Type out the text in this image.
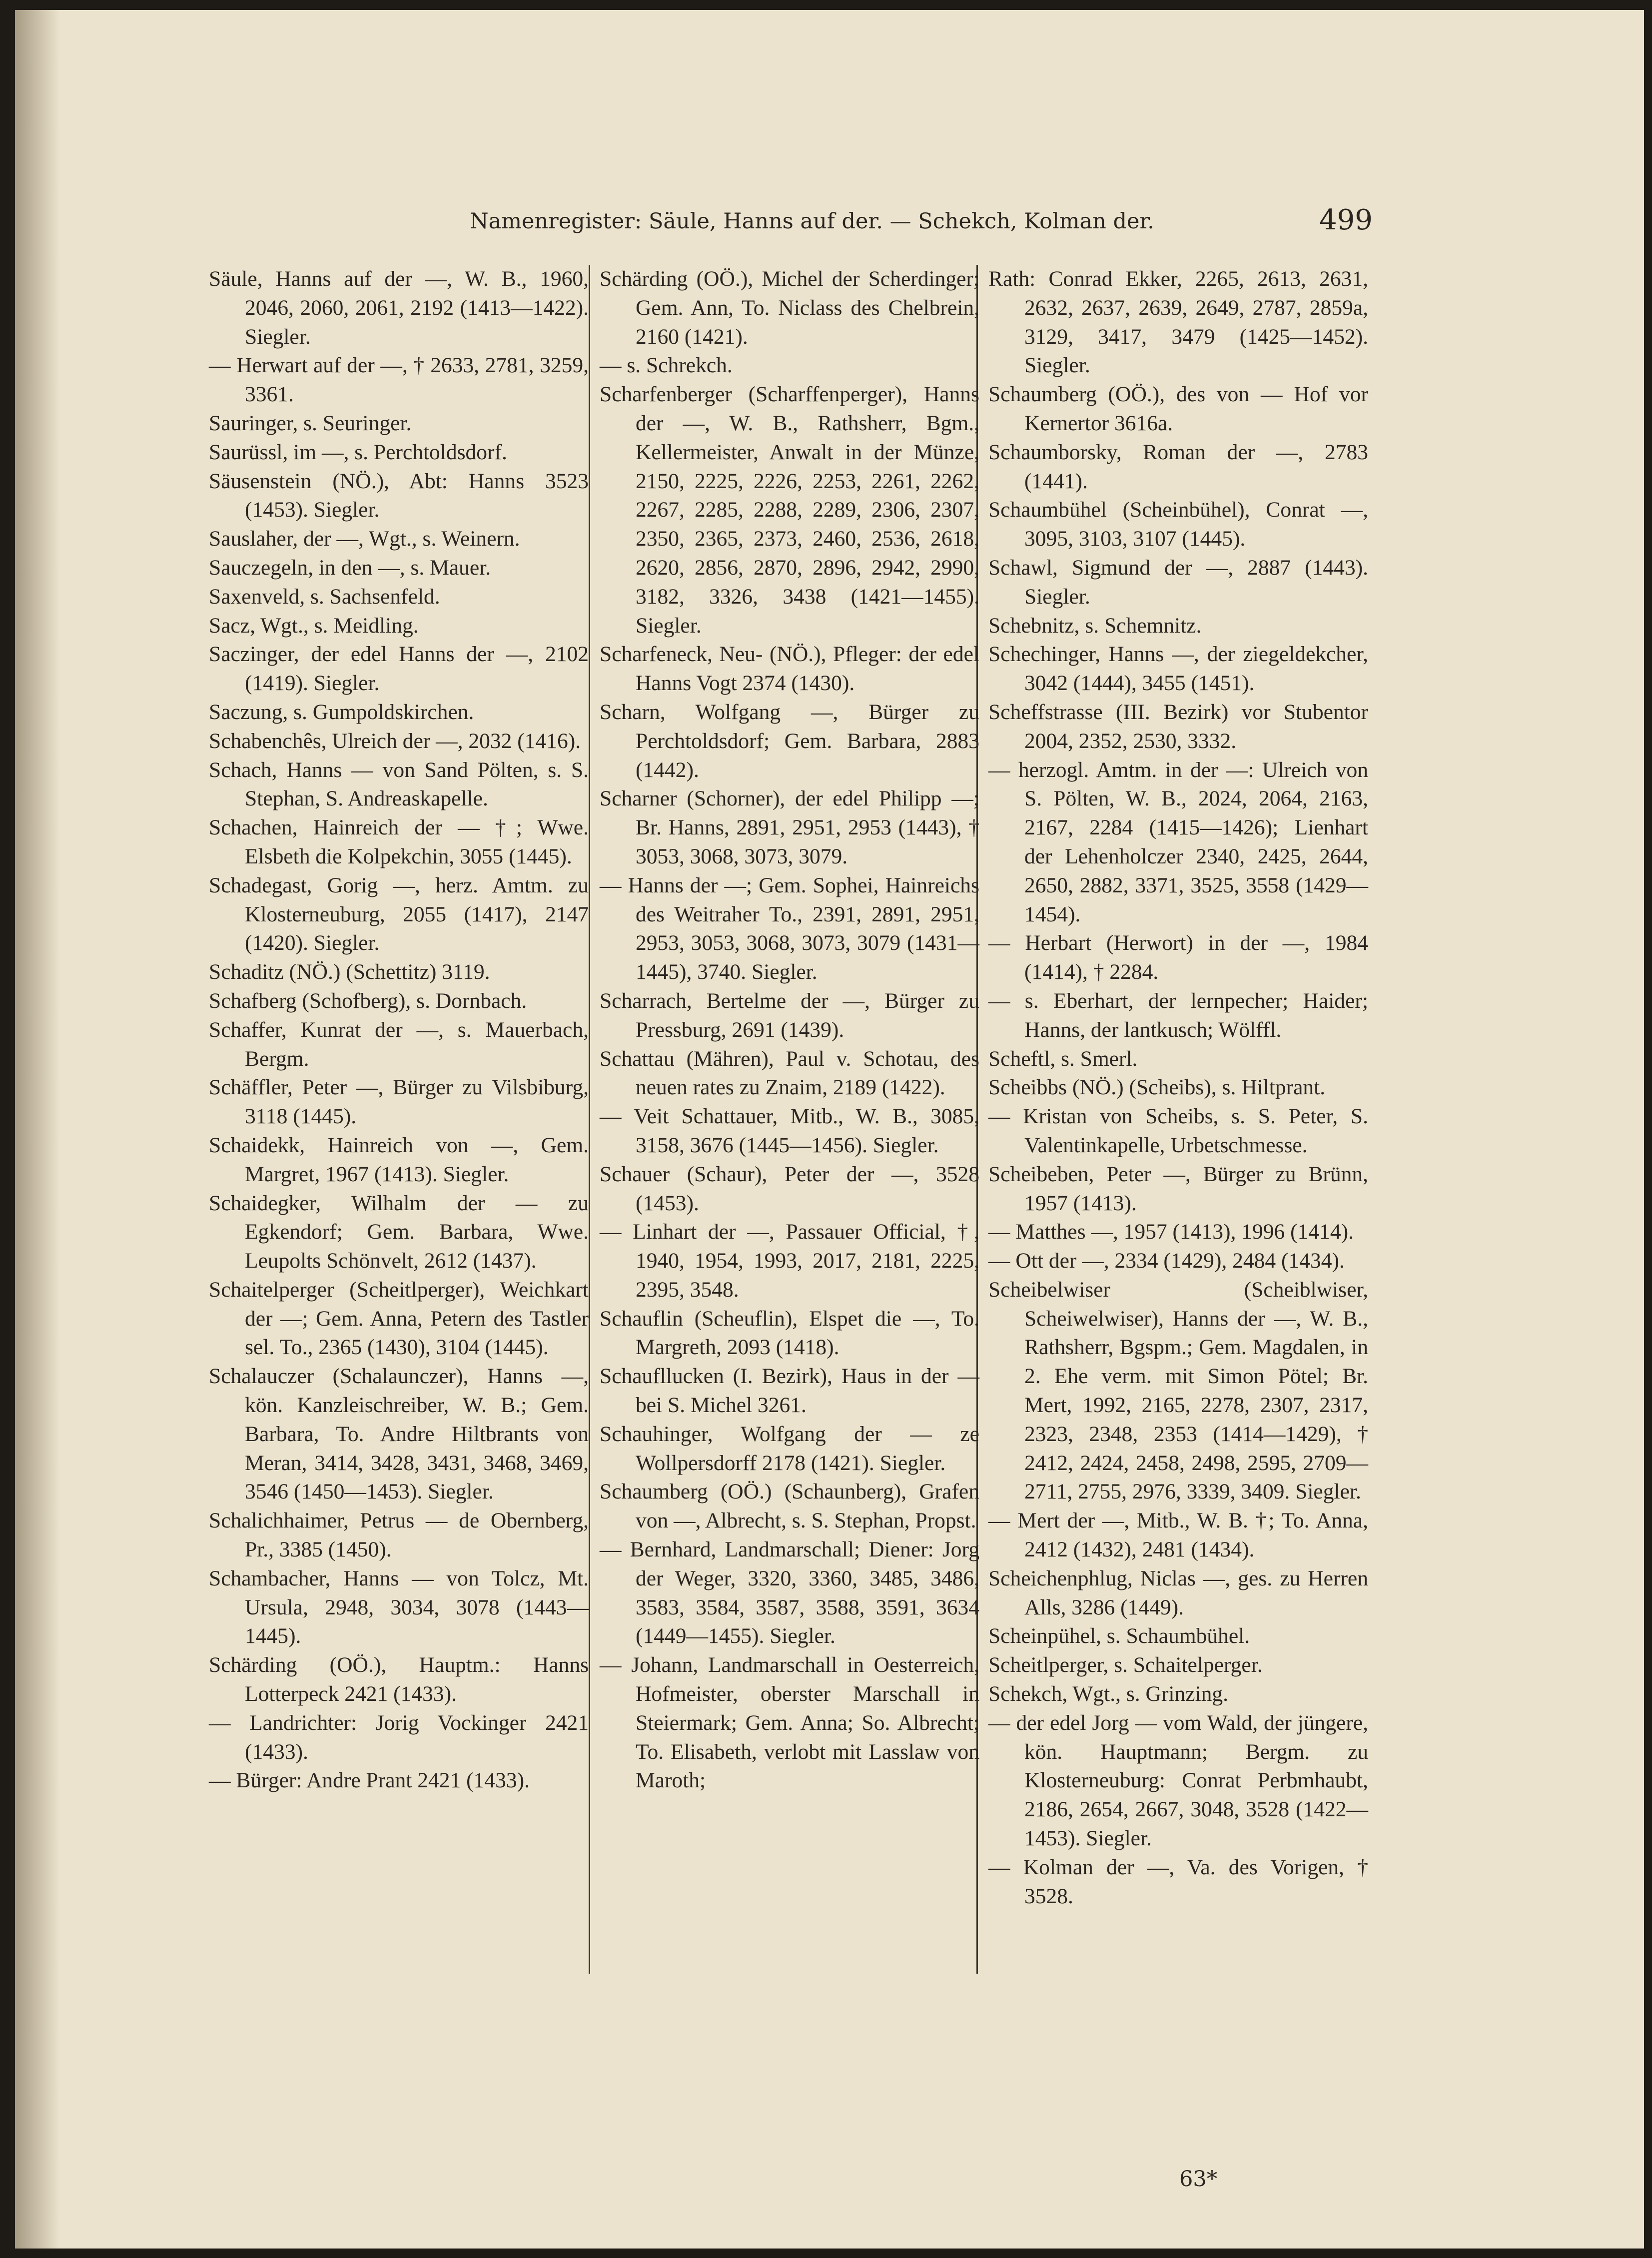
Namenregister: Säule, Hanns auf der. — Schekch, Kolman der.	499

Säule, Hanns auf der —, W. B., 1960, 2046, 2060, 2061, 2192 (1413—1422). Siegler.

— Herwart auf der —, † 2633, 2781, 3259, 3361.

Sauringer, s. Seuringer.

Saurüssl, im —, s. Perchtoldsdorf.

Säusenstein (NÖ.), Abt: Hanns 3523 (1453). Siegler.

Sauslaher, der —, Wgt., s. Weinern.

Sauczegeln, in den —, s. Mauer.

Saxenveld, s. Sachsenfeld.

Sacz, Wgt., s. Meidling.

Saczinger, der edel Hanns der —, 2102 (1419). Siegler.

Saczung, s. Gumpoldskirchen.

Schabenchês, Ulreich der —, 2032 (1416).

Schach, Hanns — von Sand Pölten, s. S. Stephan, S. Andreaskapelle.

Schachen, Hainreich der — †; Wwe. Elsbeth die Kolpekchin, 3055 (1445).

Schadegast, Gorig —, herz. Amtm. zu Klosterneuburg, 2055 (1417), 2147 (1420). Siegler.

Schaditz (NÖ.) (Schettitz) 3119.

Schafberg (Schofberg), s. Dornbach.

Schaffer, Kunrat der —, s. Mauerbach, Bergm.

Schäffler, Peter —, Bürger zu Vilsbiburg, 3118 (1445).

Schaidekk, Hainreich von —, Gem. Margret, 1967 (1413). Siegler.

Schaidegker, Wilhalm der — zu Egkendorf; Gem. Barbara, Wwe. Leupolts Schönvelt, 2612 (1437).

Schaitelperger (Scheitlperger), Weichkart der —; Gem. Anna, Petern des Tastler sel. To., 2365 (1430), 3104 (1445).

Schalauczer (Schalaunczer), Hanns —, kön. Kanzleischreiber, W. B.; Gem. Barbara, To. Andre Hiltbrants von Meran, 3414, 3428, 3431, 3468, 3469, 3546 (1450—1453). Siegler.

Schalichhaimer, Petrus — de Obernberg, Pr., 3385 (1450).

Schambacher, Hanns — von Tolcz, Mt. Ursula, 2948, 3034, 3078 (1443—1445).

Schärding (OÖ.), Hauptm.: Hanns Lotterpeck 2421 (1433).

— Landrichter: Jorig Vockinger 2421 (1433).

— Bürger: Andre Prant 2421 (1433).

Schärding (OÖ.), Michel der Scherdinger; Gem. Ann, To. Niclass des Chelbrein, 2160 (1421).

— s. Schrekch.

Scharfenberger (Scharffenperger), Hanns der —, W. B., Rathsherr, Bgm., Kellermeister, Anwalt in der Münze, 2150, 2225, 2226, 2253, 2261, 2262, 2267, 2285, 2288, 2289, 2306, 2307, 2350, 2365, 2373, 2460, 2536, 2618, 2620, 2856, 2870, 2896, 2942, 2990, 3182, 3326, 3438 (1421—1455). Siegler.

Scharfeneck, Neu- (NÖ.), Pfleger: der edel Hanns Vogt 2374 (1430).

Scharn, Wolfgang —, Bürger zu Perchtoldsdorf; Gem. Barbara, 2883 (1442).

Scharner (Schorner), der edel Philipp —; Br. Hanns, 2891, 2951, 2953 (1443), † 3053, 3068, 3073, 3079.

— Hanns der —; Gem. Sophei, Hainreichs des Weitraher To., 2391, 2891, 2951, 2953, 3053, 3068, 3073, 3079 (1431—1445), 3740. Siegler.

Scharrach, Bertelme der —, Bürger zu Pressburg, 2691 (1439).

Schattau (Mähren), Paul v. Schotau, des neuen rates zu Znaim, 2189 (1422).

— Veit Schattauer, Mitb., W. B., 3085, 3158, 3676 (1445—1456). Siegler.

Schauer (Schaur), Peter der —, 3528 (1453).

— Linhart der —, Passauer Official, †, 1940, 1954, 1993, 2017, 2181, 2225, 2395, 3548.

Schauflin (Scheuflin), Elspet die —, To. Margreth, 2093 (1418).

Schaufllucken (I. Bezirk), Haus in der — bei S. Michel 3261.

Schauhinger, Wolfgang der — ze Wollpersdorff 2178 (1421). Siegler.

Schaumberg (OÖ.) (Schaunberg), Grafen von —, Albrecht, s. S. Stephan, Propst.

— Bernhard, Landmarschall; Diener: Jorg der Weger, 3320, 3360, 3485, 3486, 3583, 3584, 3587, 3588, 3591, 3634 (1449—1455). Siegler.

— Johann, Landmarschall in Oesterreich, Hofmeister, oberster Marschall in Steiermark; Gem. Anna; So. Albrecht; To. Elisabeth, verlobt mit Lasslaw von Maroth;

Rath: Conrad Ekker, 2265, 2613, 2631, 2632, 2637, 2639, 2649, 2787, 2859a, 3129, 3417, 3479 (1425—1452). Siegler.

Schaumberg (OÖ.), des von — Hof vor Kernertor 3616a.

Schaumborsky, Roman der —, 2783 (1441).

Schaumbühel (Scheinbühel), Conrat —, 3095, 3103, 3107 (1445).

Schawl, Sigmund der —, 2887 (1443). Siegler.

Schebnitz, s. Schemnitz.

Schechinger, Hanns —, der ziegeldekcher, 3042 (1444), 3455 (1451).

Scheffstrasse (III. Bezirk) vor Stubentor 2004, 2352, 2530, 3332.

— herzogl. Amtm. in der —: Ulreich von S. Pölten, W. B., 2024, 2064, 2163, 2167, 2284 (1415—1426); Lienhart der Lehenholczer 2340, 2425, 2644, 2650, 2882, 3371, 3525, 3558 (1429—1454).

— Herbart (Herwort) in der —, 1984 (1414), † 2284.

— s. Eberhart, der lernpecher; Haider; Hanns, der lantkusch; Wölffl.

Scheftl, s. Smerl.

Scheibbs (NÖ.) (Scheibs), s. Hiltprant.

— Kristan von Scheibs, s. S. Peter, S. Valentinkapelle, Urbetschmesse.

Scheibeben, Peter —, Bürger zu Brünn, 1957 (1413).

— Matthes —, 1957 (1413), 1996 (1414).

— Ott der —, 2334 (1429), 2484 (1434).

Scheibelwiser (Scheiblwiser, Scheiwelwiser), Hanns der —, W. B., Rathsherr, Bgspm.; Gem. Magdalen, in 2. Ehe verm. mit Simon Pötel; Br. Mert, 1992, 2165, 2278, 2307, 2317, 2323, 2348, 2353 (1414—1429), † 2412, 2424, 2458, 2498, 2595, 2709—2711, 2755, 2976, 3339, 3409. Siegler.

— Mert der —, Mitb., W. B. †; To. Anna, 2412 (1432), 2481 (1434).

Scheichenphlug, Niclas —, ges. zu Herren Alls, 3286 (1449).

Scheinpühel, s. Schaumbühel.

Scheitlperger, s. Schaitelperger.

Schekch, Wgt., s. Grinzing.

— der edel Jorg — vom Wald, der jüngere, kön. Hauptmann; Bergm. zu Klosterneuburg: Conrat Perbmhaubt, 2186, 2654, 2667, 3048, 3528 (1422—1453). Siegler.

— Kolman der —, Va. des Vorigen, † 3528.

63*
